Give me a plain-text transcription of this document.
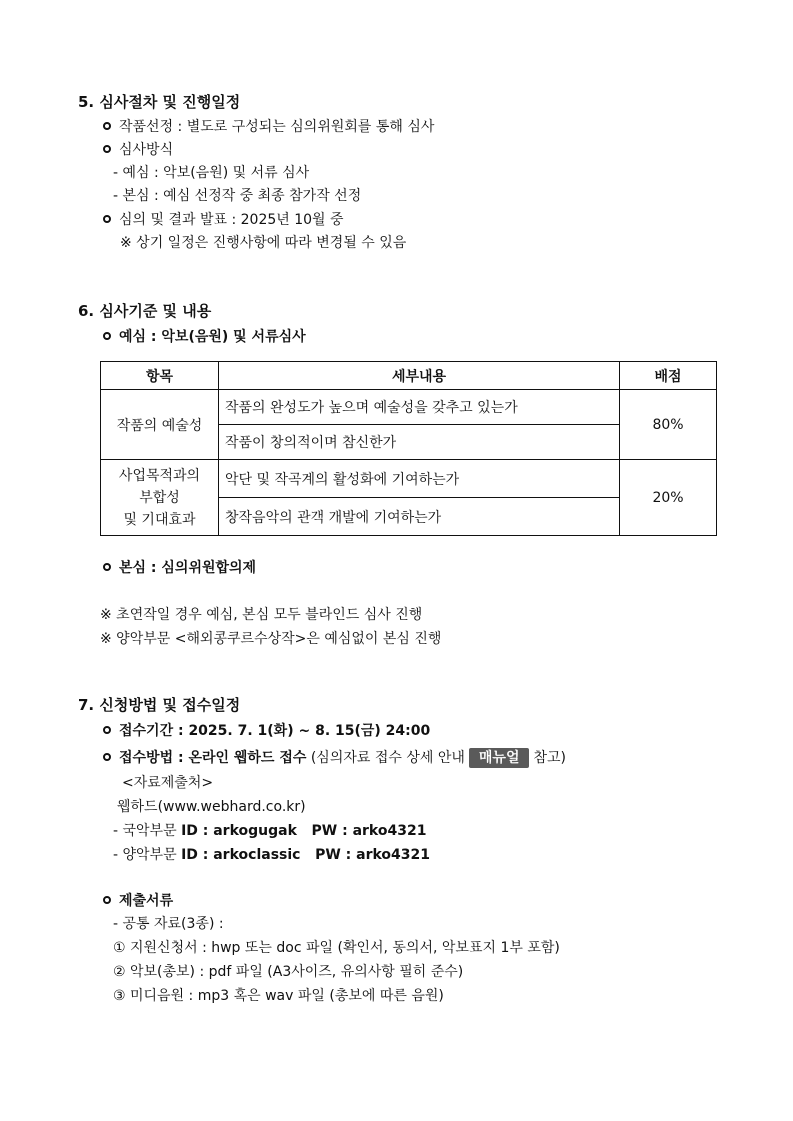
5. 심사절차 및 진행일정
작품선정 : 별도로 구성되는 심의위원회를 통해 심사
심사방식
- 예심 : 악보(음원) 및 서류 심사
- 본심 : 예심 선정작 중 최종 참가작 선정
심의 및 결과 발표 : 2025년 10월 중
※ 상기 일정은 진행사항에 따라 변경될 수 있음
6. 심사기준 및 내용
예심 : 악보(음원) 및 서류심사
항목	세부내용	배점
작품의 예술성	작품의 완성도가 높으며 예술성을 갖추고 있는가	80%
	작품이 창의적이며 참신한가	
사업목적과의
부합성
및 기대효과	악단 및 작곡계의 활성화에 기여하는가	20%
	창작음악의 관객 개발에 기여하는가	
본심 : 심의위원합의제
※ 초연작일 경우 예심, 본심 모두 블라인드 심사 진행
※ 양악부문 <해외콩쿠르수상작>은 예심없이 본심 진행
7. 신청방법 및 접수일정
접수기간 : 2025. 7. 1(화) ~ 8. 15(금) 24:00
접수방법 : 온라인 웹하드 접수 (심의자료 접수 상세 안내 매뉴얼 참고)
<자료제출처>
웹하드(www.webhard.co.kr)
- 국악부문 ID : arkogugak   PW : arko4321
- 양악부문 ID : arkoclassic   PW : arko4321
제출서류
- 공통 자료(3종) :
① 지원신청서 : hwp 또는 doc 파일 (확인서, 동의서, 악보표지 1부 포함)
② 악보(총보) : pdf 파일 (A3사이즈, 유의사항 필히 준수)
③ 미디음원 : mp3 혹은 wav 파일 (총보에 따른 음원)
